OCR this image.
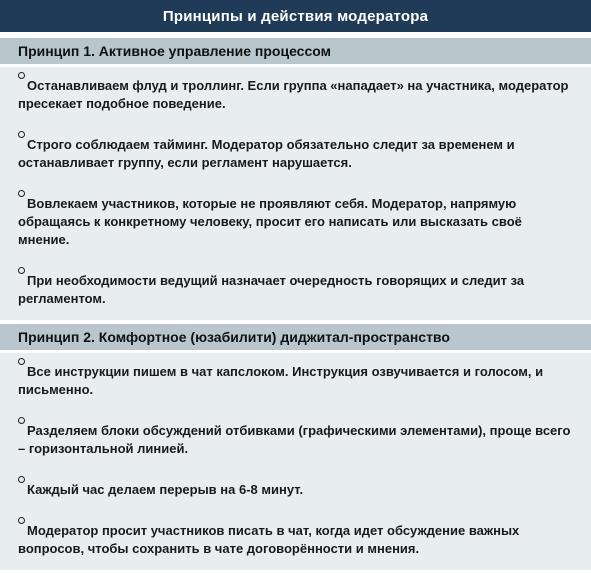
Принципы и действия модератора
Принцип 1. Активное управление процессом
Останавливаем флуд и троллинг. Если группа «нападает» на участника, модератор пресекает подобное поведение.
Строго соблюдаем тайминг. Модератор обязательно следит за временем и останавливает группу, если регламент нарушается.
Вовлекаем участников, которые не проявляют себя. Модератор, напрямую обращаясь к конкретному человеку, просит его написать или высказать своё мнение.
При необходимости ведущий назначает очередность говорящих и следит за регламентом.
Принцип 2. Комфортное (юзабилити) диджитал-пространство
Все инструкции пишем в чат капслоком. Инструкция озвучивается и голосом, и письменно.
Разделяем блоки обсуждений отбивками (графическими элементами), проще всего – горизонтальной линией.
Каждый час делаем перерыв на 6-8 минут.
Модератор просит участников писать в чат, когда идет обсуждение важных вопросов, чтобы сохранить в чате договорённости и мнения.
